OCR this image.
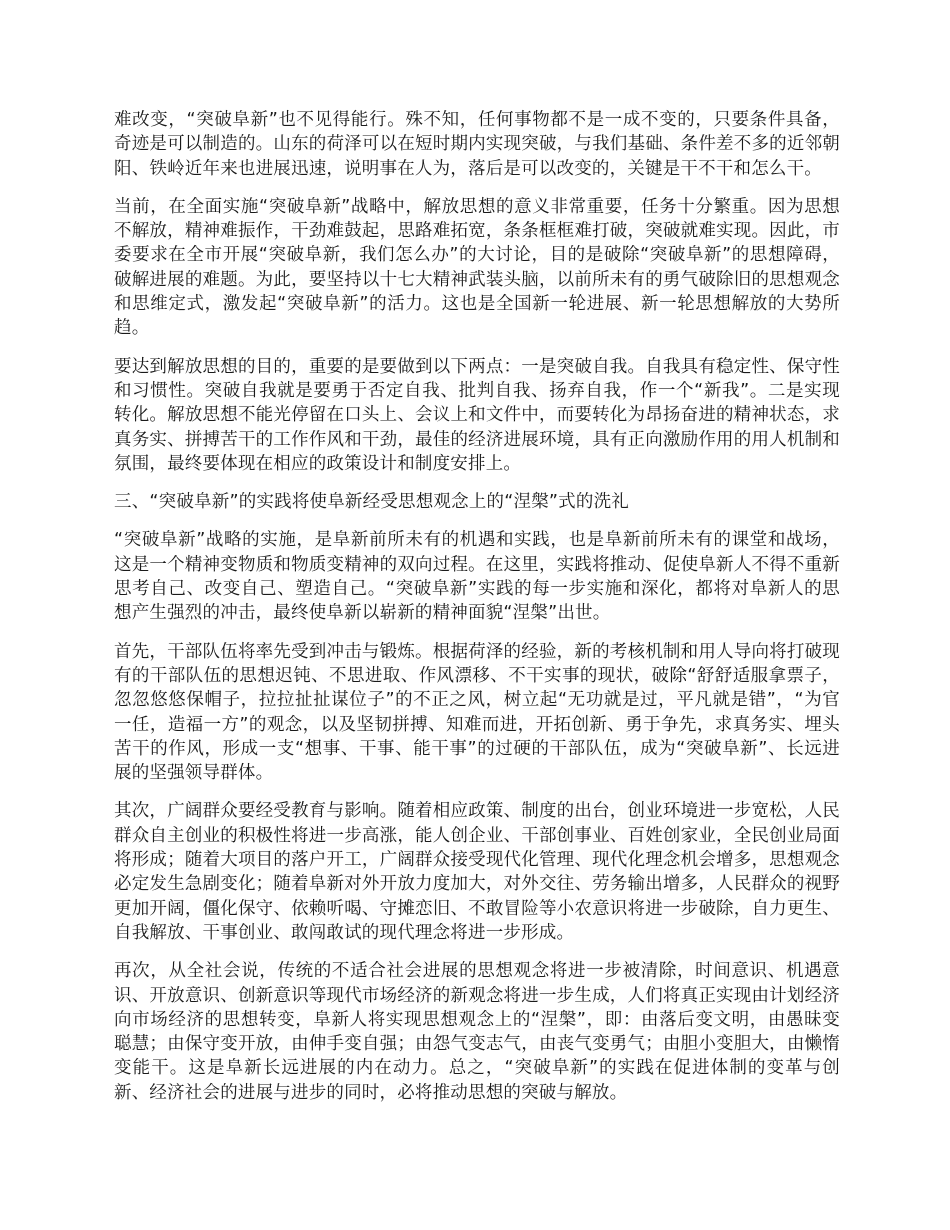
难改变，“突破阜新”也不见得能行。殊不知，任何事物都不是一成不变的，只要条件具备，奇迹是可以制造的。山东的荷泽可以在短时期内实现突破，与我们基础、条件差不多的近邻朝阳、铁岭近年来也进展迅速，说明事在人为，落后是可以改变的，关键是干不干和怎么干。

当前，在全面实施“突破阜新”战略中，解放思想的意义非常重要，任务十分繁重。因为思想不解放，精神难振作，干劲难鼓起，思路难拓宽，条条框框难打破，突破就难实现。因此，市委要求在全市开展“突破阜新，我们怎么办”的大讨论，目的是破除“突破阜新”的思想障碍，破解进展的难题。为此，要坚持以十七大精神武装头脑，以前所未有的勇气破除旧的思想观念和思维定式，激发起“突破阜新”的活力。这也是全国新一轮进展、新一轮思想解放的大势所趋。

要达到解放思想的目的，重要的是要做到以下两点：一是突破自我。自我具有稳定性、保守性和习惯性。突破自我就是要勇于否定自我、批判自我、扬弃自我，作一个“新我”。二是实现转化。解放思想不能光停留在口头上、会议上和文件中，而要转化为昂扬奋进的精神状态，求真务实、拼搏苦干的工作作风和干劲，最佳的经济进展环境，具有正向激励作用的用人机制和氛围，最终要体现在相应的政策设计和制度安排上。

三、“突破阜新”的实践将使阜新经受思想观念上的“涅槃”式的洗礼

“突破阜新”战略的实施，是阜新前所未有的机遇和实践，也是阜新前所未有的课堂和战场，这是一个精神变物质和物质变精神的双向过程。在这里，实践将推动、促使阜新人不得不重新思考自己、改变自己、塑造自己。“突破阜新”实践的每一步实施和深化，都将对阜新人的思想产生强烈的冲击，最终使阜新以崭新的精神面貌“涅槃”出世。

首先，干部队伍将率先受到冲击与锻炼。根据荷泽的经验，新的考核机制和用人导向将打破现有的干部队伍的思想迟钝、不思进取、作风漂移、不干实事的现状，破除“舒舒适服拿票子，忽忽悠悠保帽子，拉拉扯扯谋位子”的不正之风，树立起“无功就是过，平凡就是错”，“为官一任，造福一方”的观念，以及坚韧拼搏、知难而进，开拓创新、勇于争先，求真务实、埋头苦干的作风，形成一支“想事、干事、能干事”的过硬的干部队伍，成为“突破阜新”、长远进展的坚强领导群体。

其次，广阔群众要经受教育与影响。随着相应政策、制度的出台，创业环境进一步宽松，人民群众自主创业的积极性将进一步高涨，能人创企业、干部创事业、百姓创家业，全民创业局面将形成；随着大项目的落户开工，广阔群众接受现代化管理、现代化理念机会增多，思想观念必定发生急剧变化；随着阜新对外开放力度加大，对外交往、劳务输出增多，人民群众的视野更加开阔，僵化保守、依赖听喝、守摊恋旧、不敢冒险等小农意识将进一步破除，自力更生、自我解放、干事创业、敢闯敢试的现代理念将进一步形成。

再次，从全社会说，传统的不适合社会进展的思想观念将进一步被清除，时间意识、机遇意识、开放意识、创新意识等现代市场经济的新观念将进一步生成，人们将真正实现由计划经济向市场经济的思想转变，阜新人将实现思想观念上的“涅槃”，即：由落后变文明，由愚昧变聪慧；由保守变开放，由伸手变自强；由怨气变志气，由丧气变勇气；由胆小变胆大，由懒惰变能干。这是阜新长远进展的内在动力。总之，“突破阜新”的实践在促进体制的变革与创新、经济社会的进展与进步的同时，必将推动思想的突破与解放。
